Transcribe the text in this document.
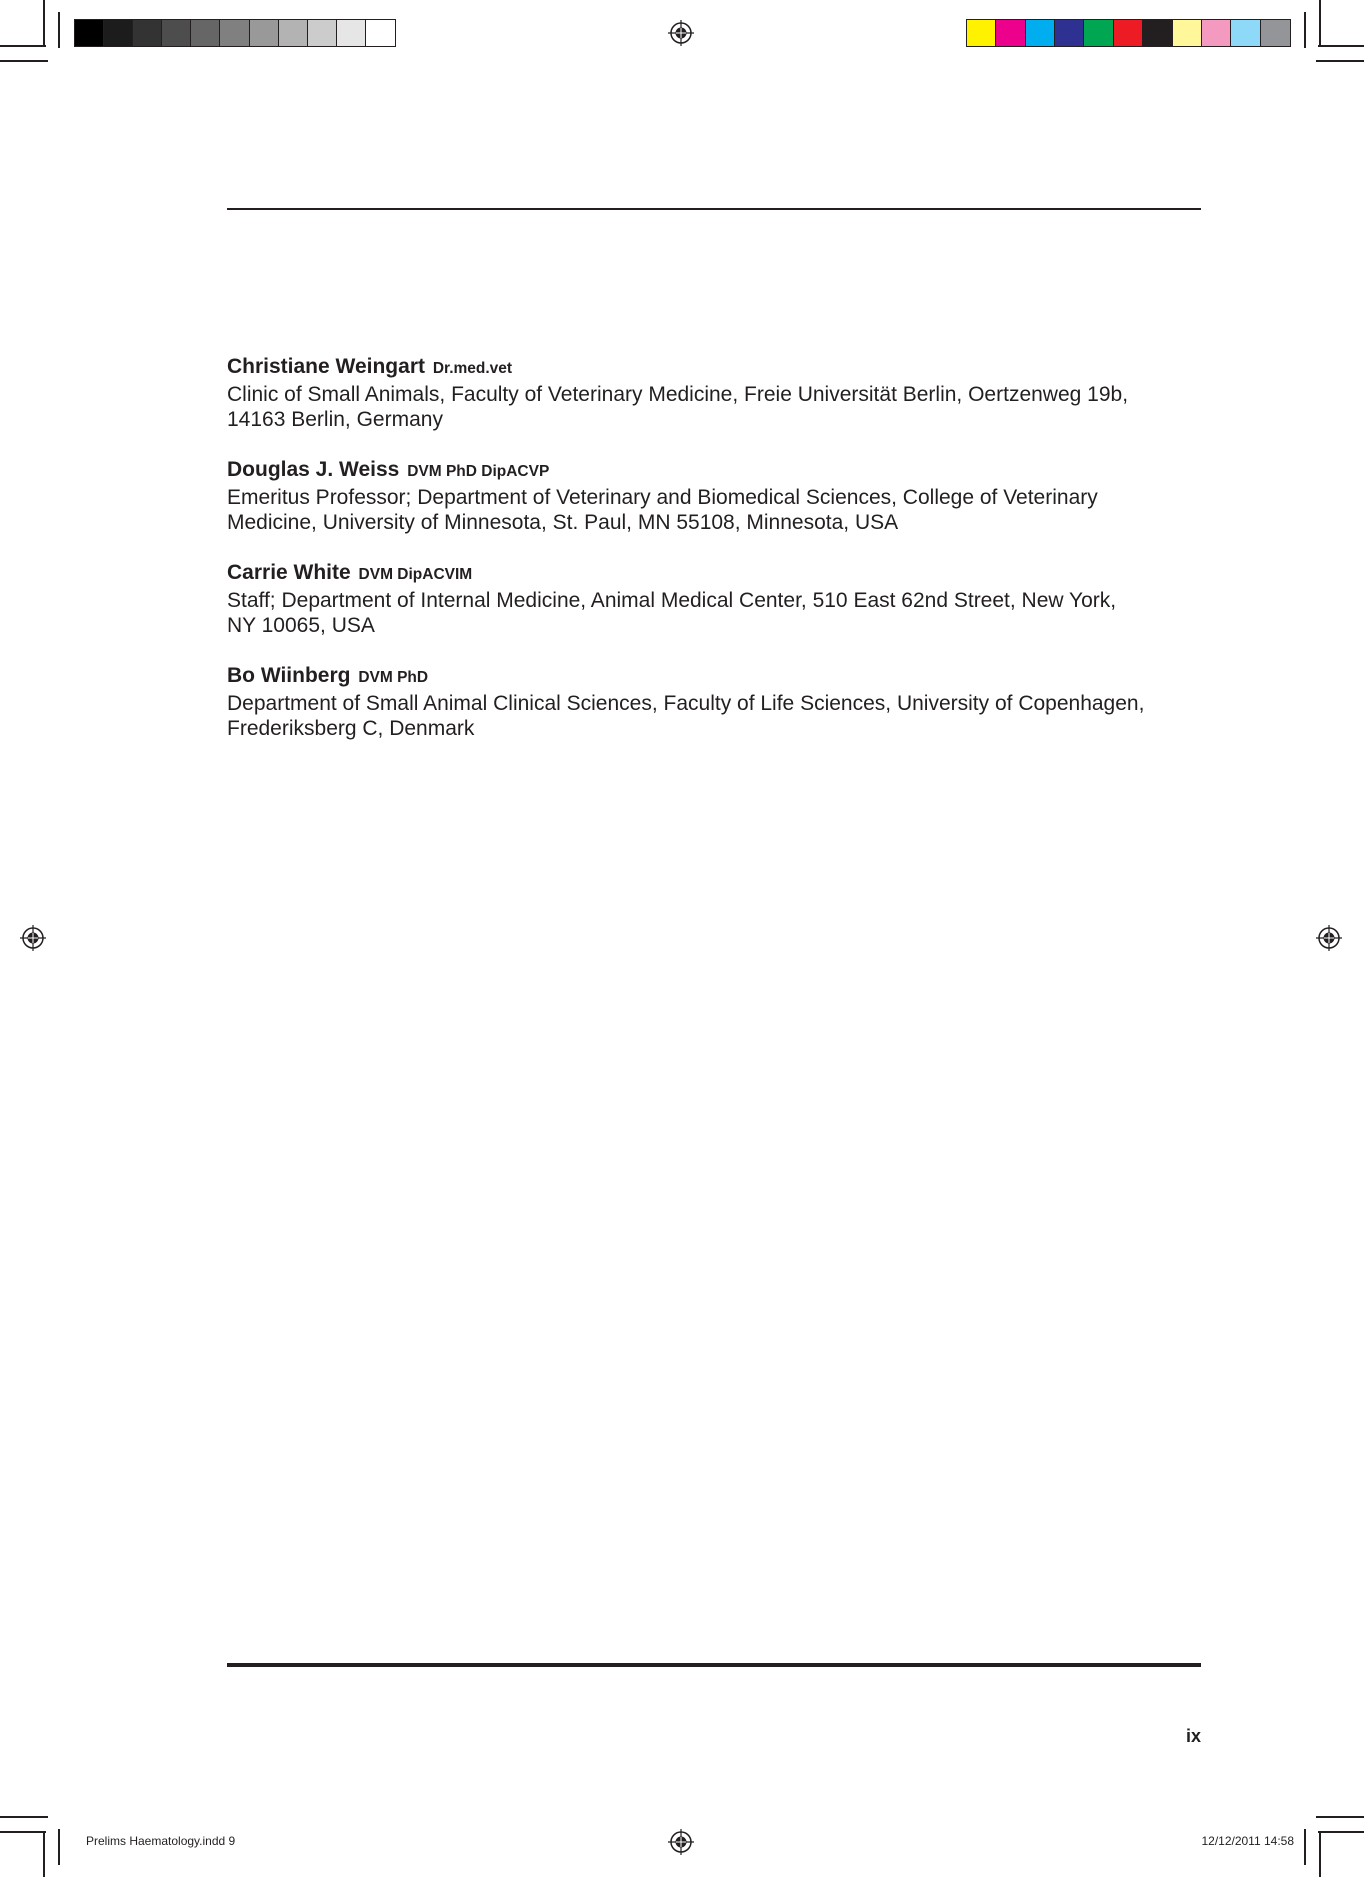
Christiane Weingart Dr.med.vet
Clinic of Small Animals, Faculty of Veterinary Medicine, Freie Universität Berlin, Oertzenweg 19b,
14163 Berlin, Germany
Douglas J. Weiss DVM PhD DipACVP
Emeritus Professor; Department of Veterinary and Biomedical Sciences, College of Veterinary
Medicine, University of Minnesota, St. Paul, MN 55108, Minnesota, USA
Carrie White DVM DipACVIM
Staff; Department of Internal Medicine, Animal Medical Center, 510 East 62nd Street, New York,
NY 10065, USA
Bo Wiinberg DVM PhD
Department of Small Animal Clinical Sciences, Faculty of Life Sciences, University of Copenhagen,
Frederiksberg C, Denmark
ix
Prelims Haematology.indd 9	12/12/2011 14:58
